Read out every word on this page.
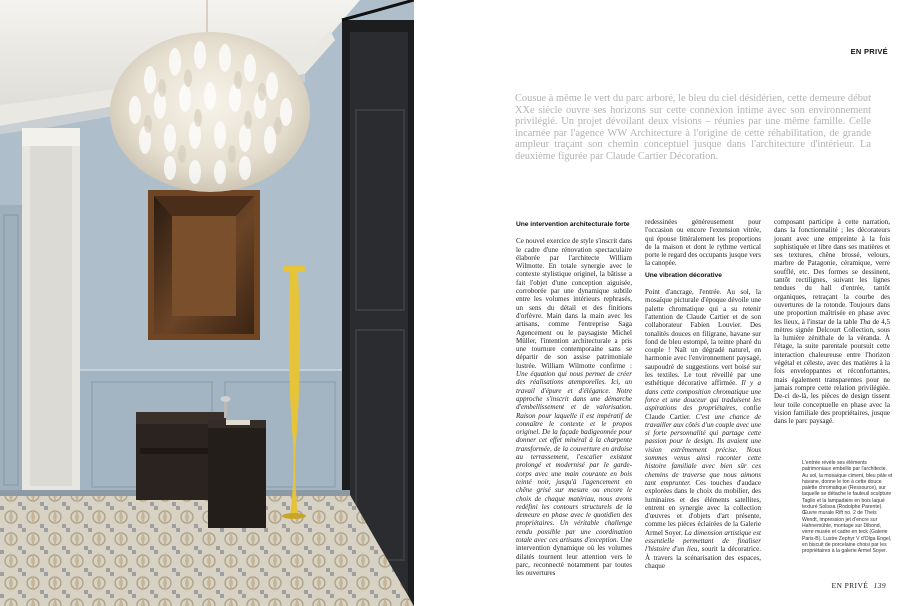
EN PRIVÉ

Cousue à même le vert du parc arboré, le bleu du ciel désidérien, cette demeure début XXe siècle ouvre ses horizons sur cette connexion intime avec son environnement privilégié. Un projet dévoilant deux visions – réunies par une même famille. Celle incarnée par l'agence WW Architecture à l'origine de cette réhabilitation, de grande ampleur traçant son chemin conceptuel jusque dans l'architecture d'intérieur. La deuxième figurée par Claude Cartier Décoration.

Une intervention architecturale forte

Ce nouvel exercice de style s'inscrit dans le cadre d'une rénovation spectaculaire élaborée par l'architecte William Wilmotte. En totale synergie avec le contexte stylistique originel, la bâtisse a fait l'objet d'une conception aiguisée, corroborée par une dynamique subtile entre les volumes intérieurs rephrasés, un sens du détail et des finitions d'orfèvre. Main dans la main avec les artisans, comme l'entreprise Saga Agencement ou le paysagiste Michel Müller, l'intention architecturale a pris une tournure contemporaine sans se départir de son assise patrimoniale lustrée. William Wilmotte confirme : Une équation qui nous permet de créer des réalisations atemporelles. Ici, un travail d'épure et d'élégance. Notre approche s'inscrit dans une démarche d'embellissement et de valorisation. Raison pour laquelle il est impératif de connaître le contexte et le propos originel. De la façade badigeonnée pour donner cet effet minéral à la charpente transformée, de la couverture en ardoise au terrassement, l'escalier existant prolongé et modernisé par le garde-corps avec une main courante en bois teinté noir, jusqu'à l'agencement en chêne grisé sur mesure ou encore le choix de chaque matériau, nous avons redéfini les contours structurels de la demeure en phase avec le quotidien des propriétaires. Un véritable challenge rendu possible par une coordination totale avec ces artisans d'exception. Une intervention dynamique où les volumes dilatés tournent leur attention vers le parc, reconnecté notamment par toutes les ouvertures

redessinées généreusement pour l'occasion ou encore l'extension vitrée, qui épouse littéralement les proportions de la maison et dont le rythme vertical porte le regard des occupants jusque vers la canopée.

Une vibration décorative

Point d'ancrage, l'entrée. Au sol, la mosaïque picturale d'époque dévoile une palette chromatique qui a su retenir l'attention de Claude Cartier et de son collaborateur Fabien Louvier. Des tonalités douces en filigrane, havane sur fond de bleu estompé, la teinte pharé du couple ! Naît un dégradé naturel, en harmonie avec l'environnement paysagé, saupoudré de suggestions vert boisé sur les textiles. Le tout réveillé par une esthétique décorative affirmée. Il y a dans cette composition chromatique une force et une douceur qui traduisent les aspirations des propriétaires, confie Claude Cartier. C'est une chance de travailler aux côtés d'un couple avec une si forte personnalité qui partage cette passion pour le design. Ils avaient une vision extrêmement précise. Nous sommes venus ainsi raconter cette histoire familiale avec bien sûr ces chemins de traverse que nous aimons tant emprunter. Ces touches d'audace explorées dans le choix du mobilier, des luminaires et des éléments satellites, entrent en synergie avec la collection d'œuvres et d'objets d'art présente, comme les pièces éclairées de la Galerie Armel Soyer. La dimension artistique est essentielle permettant de finaliser l'histoire d'un lieu, sourit la décoratrice. À travers la scénarisation des espaces, chaque

composant participe à cette narration, dans la fonctionnalité ; les décorateurs jouant avec une empreinte à la fois sophistiquée et libre dans ses matières et ses textures, chêne brossé, velours, marbre de Patagonie, céramique, verre soufflé, etc. Des formes se dessinent, tantôt rectilignes, suivant les lignes tendues du hall d'entrée, tantôt organiques, retraçant la courbe des ouvertures de la rotonde. Toujours dans une proportion maîtrisée en phase avec les lieux, à l'instar de la table Tha de 4,5 mètres signée Delcourt Collection, sous la lumière zénithale de la véranda. À l'étage, la suite parentale poursuit cette interaction chaleureuse entre l'horizon végétal et céleste, avec des matières à la fois enveloppantes et réconfortantes, mais également transparentes pour ne jamais rompre cette relation privilégiée. De-ci de-là, les pièces de design tissent leur toile conceptuelle en phase avec la vision familiale des propriétaires, jusque dans le parc paysagé.

L'entrée révèle ses éléments patrimoniaux embellis par l'architecte. Au sol, la mosaïque ciment, bleu pâle et havane, donne le ton à cette douce palette chromatique (Ressource), sur laquelle se détache le fauteuil sculpture Taglio et la lampadaire en bois laqué texturé Solissa (Rodolphe Parente). Œuvre murale Rift no. 2 de Theis Wendt, impression jet d'encre sur Hahnemühle, montage sur Dibond, verre musée et cadre en teck (Galerie Paris-B). Lustre Zephyr V d'Olga Engel, en biscuit de porcelaine choisi par les propriétaires à la galerie Armel Soyer.

EN PRIVÉ 139
